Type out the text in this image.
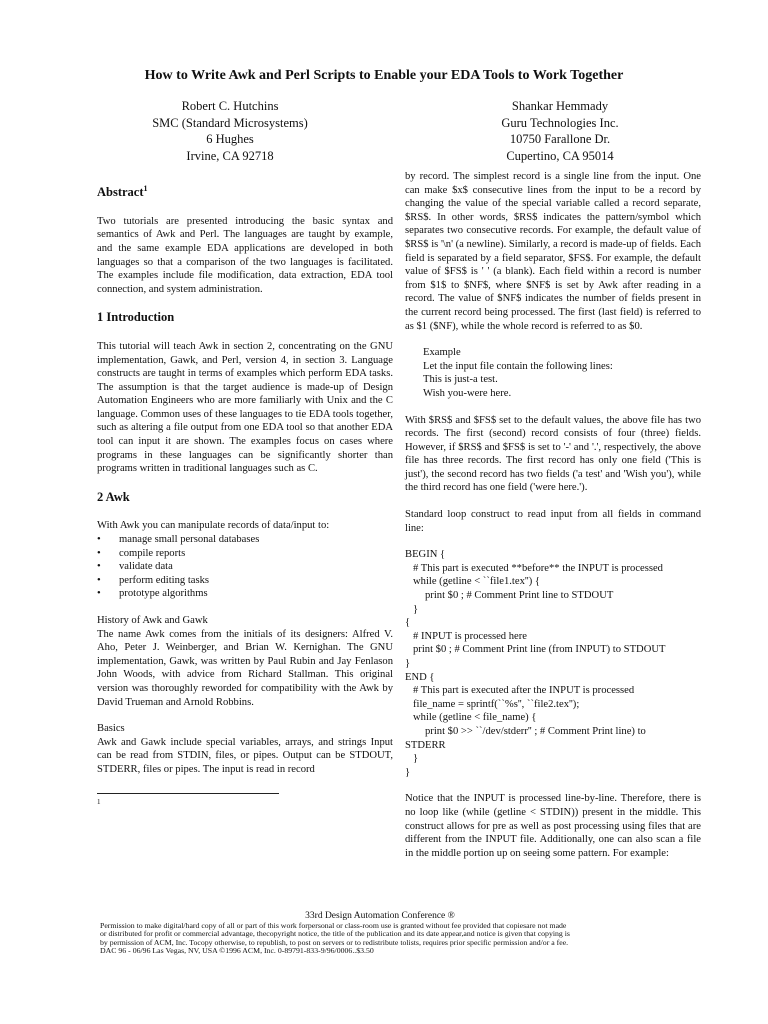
How to Write Awk and Perl Scripts to Enable your EDA Tools to Work Together
Robert C. Hutchins
SMC (Standard Microsystems)
6 Hughes
Irvine, CA 92718
Shankar Hemmady
Guru Technologies Inc.
10750 Farallone Dr.
Cupertino, CA 95014
Abstract$^1$

Two tutorials are presented introducing the basic syntax and semantics of Awk and Perl. The languages are taught by example, and the same example EDA applications are developed in both languages so that a comparison of the two languages is facilitated. The examples include file modification, data extraction, EDA tool connection, and system administration.

1 Introduction

This tutorial will teach Awk in section 2, concentrating on the GNU implementation, Gawk, and Perl, version 4, in section 3. Language constructs are taught in terms of examples which perform EDA tasks. The assumption is that the target audience is made-up of Design Automation Engineers who are more familiarly with Unix and the C language. Common uses of these languages to tie EDA tools together, such as altering a file output from one EDA tool so that another EDA tool can input it are shown. The examples focus on cases where programs in these languages can be significantly shorter than programs written in traditional languages such as C.

2 Awk

With Awk you can manipulate records of data/input to:

• manage small personal databases
• compile reports
• validate data
• perform editing tasks
• prototype algorithms

History of Awk and Gawk

The name Awk comes from the initials of its designers: Alfred V. Aho, Peter J. Weinberger, and Brian W. Kernighan. The GNU implementation, Gawk, was written by Paul Rubin and Jay Fenlason John Woods, with advice from Richard Stallman. This original version was thoroughly reworded for compatibility with the Awk by David Trueman and Arnold Robbins.

Basics

Awk and Gawk include special variables, arrays, and strings Input can be read from STDIN, files, or pipes. Output can be STDOUT, STDERR, files or pipes. The input is read in record

1

by record. The simplest record is a single line from the input. One can make $x$ consecutive lines from the input to be a record by changing the value of the special variable called a record separate, $RS$. In other words, $RS$ indicates the pattern/symbol which separates two consecutive records. For example, the default value of $RS$ is '\n' (a newline). Similarly, a record is made-up of fields. Each field is separated by a field separator, $FS$. For example, the default value of $FS$ is ' ' (a blank). Each field within a record is number from $1$ to $NF$, where $NF$ is set by Awk after reading in a record. The value of $NF$ indicates the number of fields present in the current record being processed. The first (last field) is referred to as $1 ($NF), while the whole record is referred to as $0.

Example
Let the input file contain the following lines:
This is just-a test.
Wish you-were here.

With $RS$ and $FS$ set to the default values, the above file has two records. The first (second) record consists of four (three) fields. However, if $RS$ and $FS$ is set to '-' and '.', respectively, the above file has three records. The first record has only one field ('This is just'), the second record has two fields ('a test' and 'Wish you'), while the third record has one field ('were here.').

Standard loop construct to read input from all fields in command line:

BEGIN {
# This part is executed **before** the INPUT is processed
while (getline < ``file1.tex'') {
print $0 ; # Comment Print line to STDOUT
}
{
# INPUT is processed here
print $0 ; # Comment Print line (from INPUT) to STDOUT
}
END {
# This part is executed after the INPUT is processed
file_name = sprintf(``%s'', ``file2.tex'');
while (getline < file_name) {
print $0 >> ``/dev/stderr'' ; # Comment Print line) to
STDERR
}
}

Notice that the INPUT is processed line-by-line. Therefore, there is no loop like (while (getline < STDIN)) present in the middle. This construct allows for pre as well as post processing using files that are different from the INPUT file. Additionally, one can also scan a file in the middle portion up on seeing some pattern. For example:

33rd Design Automation Conference ®
Permission to make digital/hard copy of all or part of this work forpersonal or class-room use is granted without fee provided that copiesare not made
or distributed for profit or commercial advantage, thecopyright notice, the title of the publication and its date appear,and notice is given that copying is
by permission of ACM, Inc. Tocopy otherwise, to republish, to post on servers or to redistribute tolists, requires prior specific permission and/or a fee.
DAC 96 - 06/96 Las Vegas, NV, USA ©1996 ACM, Inc. 0-89791-833-9/96/0006..$3.50
